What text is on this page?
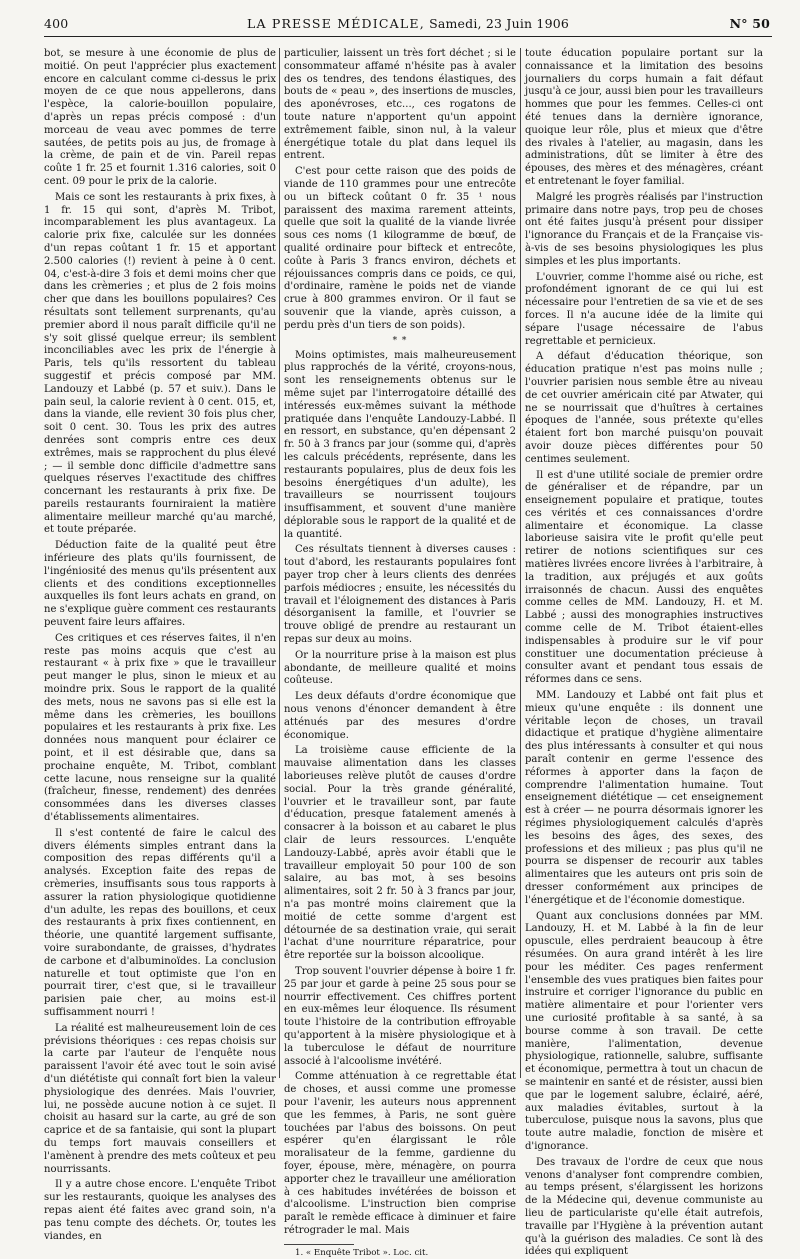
400	LA PRESSE MÉDICALE, Samedi, 23 Juin 1906	N° 50

bot, se mesure à une économie de plus de moitié. On peut l'apprécier plus exactement encore en calculant comme ci-dessus le prix moyen de ce que nous appellerons, dans l'espèce, la calorie-bouillon populaire, d'après un repas précis composé : d'un morceau de veau avec pommes de terre sautées, de petits pois au jus, de fromage à la crème, de pain et de vin. Pareil repas coûte 1 fr. 25 et fournit 1.316 calories, soit 0 cent. 09 pour le prix de la calorie.

Mais ce sont les restaurants à prix fixes, à 1 fr. 15 qui sont, d'après M. Tribot, incomparablement les plus avantageux. La calorie prix fixe, calculée sur les données d'un repas coûtant 1 fr. 15 et apportant 2.500 calories (!) revient à peine à 0 cent. 04, c'est-à-dire 3 fois et demi moins cher que dans les crèmeries ; et plus de 2 fois moins cher que dans les bouillons populaires? Ces résultats sont tellement surprenants, qu'au premier abord il nous paraît difficile qu'il ne s'y soit glissé quelque erreur; ils semblent inconciliables avec les prix de l'énergie à Paris, tels qu'ils ressortent du tableau suggestif et précis composé par MM. Landouzy et Labbé (p. 57 et suiv.). Dans le pain seul, la calorie revient à 0 cent. 015, et, dans la viande, elle revient 30 fois plus cher, soit 0 cent. 30. Tous les prix des autres denrées sont compris entre ces deux extrêmes, mais se rapprochent du plus élevé ; — il semble donc difficile d'admettre sans quelques réserves l'exactitude des chiffres concernant les restaurants à prix fixe. De pareils restaurants fourniraient la matière alimentaire meilleur marché qu'au marché, et toute préparée.

Déduction faite de la qualité peut être inférieure des plats qu'ils fournissent, de l'ingéniosité des menus qu'ils présentent aux clients et des conditions exceptionnelles auxquelles ils font leurs achats en grand, on ne s'explique guère comment ces restaurants peuvent faire leurs affaires.

Ces critiques et ces réserves faites, il n'en reste pas moins acquis que c'est au restaurant « à prix fixe » que le travailleur peut manger le plus, sinon le mieux et au moindre prix. Sous le rapport de la qualité des mets, nous ne savons pas si elle est la même dans les crèmeries, les bouillons populaires et les restaurants à prix fixe. Les données nous manquent pour éclairer ce point, et il est désirable que, dans sa prochaine enquête, M. Tribot, comblant cette lacune, nous renseigne sur la qualité (fraîcheur, finesse, rendement) des denrées consommées dans les diverses classes d'établissements alimentaires.

Il s'est contenté de faire le calcul des divers éléments simples entrant dans la composition des repas différents qu'il a analysés. Exception faite des repas de crèmeries, insuffisants sous tous rapports à assurer la ration physiologique quotidienne d'un adulte, les repas des bouillons, et ceux des restaurants à prix fixes contiennent, en théorie, une quantité largement suffisante, voire surabondante, de graisses, d'hydrates de carbone et d'albuminoïdes. La conclusion naturelle et tout optimiste que l'on en pourrait tirer, c'est que, si le travailleur parisien paie cher, au moins est-il suffisamment nourri !

La réalité est malheureusement loin de ces prévisions théoriques : ces repas choisis sur la carte par l'auteur de l'enquête nous paraissent l'avoir été avec tout le soin avisé d'un diététiste qui connaît fort bien la valeur physiologique des denrées. Mais l'ouvrier, lui, ne possède aucune notion à ce sujet. Il choisit au hasard sur la carte, au gré de son caprice et de sa fantaisie, qui sont la plupart du temps fort mauvais conseillers et l'amènent à prendre des mets coûteux et peu nourrissants.

Il y a autre chose encore. L'enquête Tribot sur les restaurants, quoique les analyses des repas aient été faites avec grand soin, n'a pas tenu compte des déchets. Or, toutes les viandes, en

particulier, laissent un très fort déchet ; si le consommateur affamé n'hésite pas à avaler des os tendres, des tendons élastiques, des bouts de « peau », des insertions de muscles, des aponévroses, etc..., ces rogatons de toute nature n'apportent qu'un appoint extrêmement faible, sinon nul, à la valeur énergétique totale du plat dans lequel ils entrent.

C'est pour cette raison que des poids de viande de 110 grammes pour une entrecôte ou un bifteck coûtant 0 fr. 35 ¹ nous paraissent des maxima rarement atteints, quelle que soit la qualité de la viande livrée sous ces noms (1 kilogramme de bœuf, de qualité ordinaire pour bifteck et entrecôte, coûte à Paris 3 francs environ, déchets et réjouissances compris dans ce poids, ce qui, d'ordinaire, ramène le poids net de viande crue à 800 grammes environ. Or il faut se souvenir que la viande, après cuisson, a perdu près d'un tiers de son poids).

* *

Moins optimistes, mais malheureusement plus rapprochés de la vérité, croyons-nous, sont les renseignements obtenus sur le même sujet par l'interrogatoire détaillé des intéressés eux-mêmes suivant la méthode pratiquée dans l'enquête Landouzy-Labbé. Il en ressort, en substance, qu'en dépensant 2 fr. 50 à 3 francs par jour (somme qui, d'après les calculs précédents, représente, dans les restaurants populaires, plus de deux fois les besoins énergétiques d'un adulte), les travailleurs se nourrissent toujours insuffisamment, et souvent d'une manière déplorable sous le rapport de la qualité et de la quantité.

Ces résultats tiennent à diverses causes : tout d'abord, les restaurants populaires font payer trop cher à leurs clients des denrées parfois médiocres ; ensuite, les nécessités du travail et l'éloignement des distances à Paris désorganisent la famille, et l'ouvrier se trouve obligé de prendre au restaurant un repas sur deux au moins.

Or la nourriture prise à la maison est plus abondante, de meilleure qualité et moins coûteuse.

Les deux défauts d'ordre économique que nous venons d'énoncer demandent à être atténués par des mesures d'ordre économique.

La troisième cause efficiente de la mauvaise alimentation dans les classes laborieuses relève plutôt de causes d'ordre social. Pour la très grande généralité, l'ouvrier et le travailleur sont, par faute d'éducation, presque fatalement amenés à consacrer à la boisson et au cabaret le plus clair de leurs ressources. L'enquête Landouzy-Labbé, après avoir établi que le travailleur employait 50 pour 100 de son salaire, au bas mot, à ses besoins alimentaires, soit 2 fr. 50 à 3 francs par jour, n'a pas montré moins clairement que la moitié de cette somme d'argent est détournée de sa destination vraie, qui serait l'achat d'une nourriture réparatrice, pour être reportée sur la boisson alcoolique.

Trop souvent l'ouvrier dépense à boire 1 fr. 25 par jour et garde à peine 25 sous pour se nourrir effectivement. Ces chiffres portent en eux-mêmes leur éloquence. Ils résument toute l'histoire de la contribution effroyable qu'apportent à la misère physiologique et à la tuberculose le défaut de nourriture associé à l'alcoolisme invétéré.

Comme atténuation à ce regrettable état de choses, et aussi comme une promesse pour l'avenir, les auteurs nous apprennent que les femmes, à Paris, ne sont guère touchées par l'abus des boissons. On peut espérer qu'en élargissant le rôle moralisateur de la femme, gardienne du foyer, épouse, mère, ménagère, on pourra apporter chez le travailleur une amélioration à ces habitudes invétérées de boisson et d'alcoolisme. L'instruction bien comprise paraît le remède efficace à diminuer et faire rétrograder le mal. Mais

1. « Enquête Tribot ». Loc. cit.

toute éducation populaire portant sur la connaissance et la limitation des besoins journaliers du corps humain a fait défaut jusqu'à ce jour, aussi bien pour les travailleurs hommes que pour les femmes. Celles-ci ont été tenues dans la dernière ignorance, quoique leur rôle, plus et mieux que d'être des rivales à l'atelier, au magasin, dans les administrations, dût se limiter à être des épouses, des mères et des ménagères, créant et entretenant le foyer familial.

Malgré les progrès réalisés par l'instruction primaire dans notre pays, trop peu de choses ont été faites jusqu'à présent pour dissiper l'ignorance du Français et de la Française vis-à-vis de ses besoins physiologiques les plus simples et les plus importants.

L'ouvrier, comme l'homme aisé ou riche, est profondément ignorant de ce qui lui est nécessaire pour l'entretien de sa vie et de ses forces. Il n'a aucune idée de la limite qui sépare l'usage nécessaire de l'abus regrettable et pernicieux.

A défaut d'éducation théorique, son éducation pratique n'est pas moins nulle ; l'ouvrier parisien nous semble être au niveau de cet ouvrier américain cité par Atwater, qui ne se nourrissait que d'huîtres à certaines époques de l'année, sous prétexte qu'elles étaient fort bon marché puisqu'on pouvait avoir douze pièces différentes pour 50 centimes seulement.

Il est d'une utilité sociale de premier ordre de généraliser et de répandre, par un enseignement populaire et pratique, toutes ces vérités et ces connaissances d'ordre alimentaire et économique. La classe laborieuse saisira vite le profit qu'elle peut retirer de notions scientifiques sur ces matières livrées encore livrées à l'arbitraire, à la tradition, aux préjugés et aux goûts irraisonnés de chacun. Aussi des enquêtes comme celles de MM. Landouzy, H. et M. Labbé ; aussi des monographies instructives comme celle de M. Tribot étaient-elles indispensables à produire sur le vif pour constituer une documentation précieuse à consulter avant et pendant tous essais de réformes dans ce sens.

MM. Landouzy et Labbé ont fait plus et mieux qu'une enquête : ils donnent une véritable leçon de choses, un travail didactique et pratique d'hygiène alimentaire des plus intéressants à consulter et qui nous paraît contenir en germe l'essence des réformes à apporter dans la façon de comprendre l'alimentation humaine. Tout enseignement diététique — cet enseignement est à créer — ne pourra désormais ignorer les régimes physiologiquement calculés d'après les besoins des âges, des sexes, des professions et des milieux ; pas plus qu'il ne pourra se dispenser de recourir aux tables alimentaires que les auteurs ont pris soin de dresser conformément aux principes de l'énergétique et de l'économie domestique.

Quant aux conclusions données par MM. Landouzy, H. et M. Labbé à la fin de leur opuscule, elles perdraient beaucoup à être résumées. On aura grand intérêt à les lire pour les méditer. Ces pages renferment l'ensemble des vues pratiques bien faites pour instruire et corriger l'ignorance du public en matière alimentaire et pour l'orienter vers une curiosité profitable à sa santé, à sa bourse comme à son travail. De cette manière, l'alimentation, devenue physiologique, rationnelle, salubre, suffisante et économique, permettra à tout un chacun de se maintenir en santé et de résister, aussi bien que par le logement salubre, éclairé, aéré, aux maladies évitables, surtout à la tuberculose, puisque nous la savons, plus que toute autre maladie, fonction de misère et d'ignorance.

Des travaux de l'ordre de ceux que nous venons d'analyser font comprendre combien, au temps présent, s'élargissent les horizons de la Médecine qui, devenue communiste au lieu de particulariste qu'elle était autrefois, travaille par l'Hygiène à la prévention autant qu'à la guérison des maladies. Ce sont là des idées qui expliquent
